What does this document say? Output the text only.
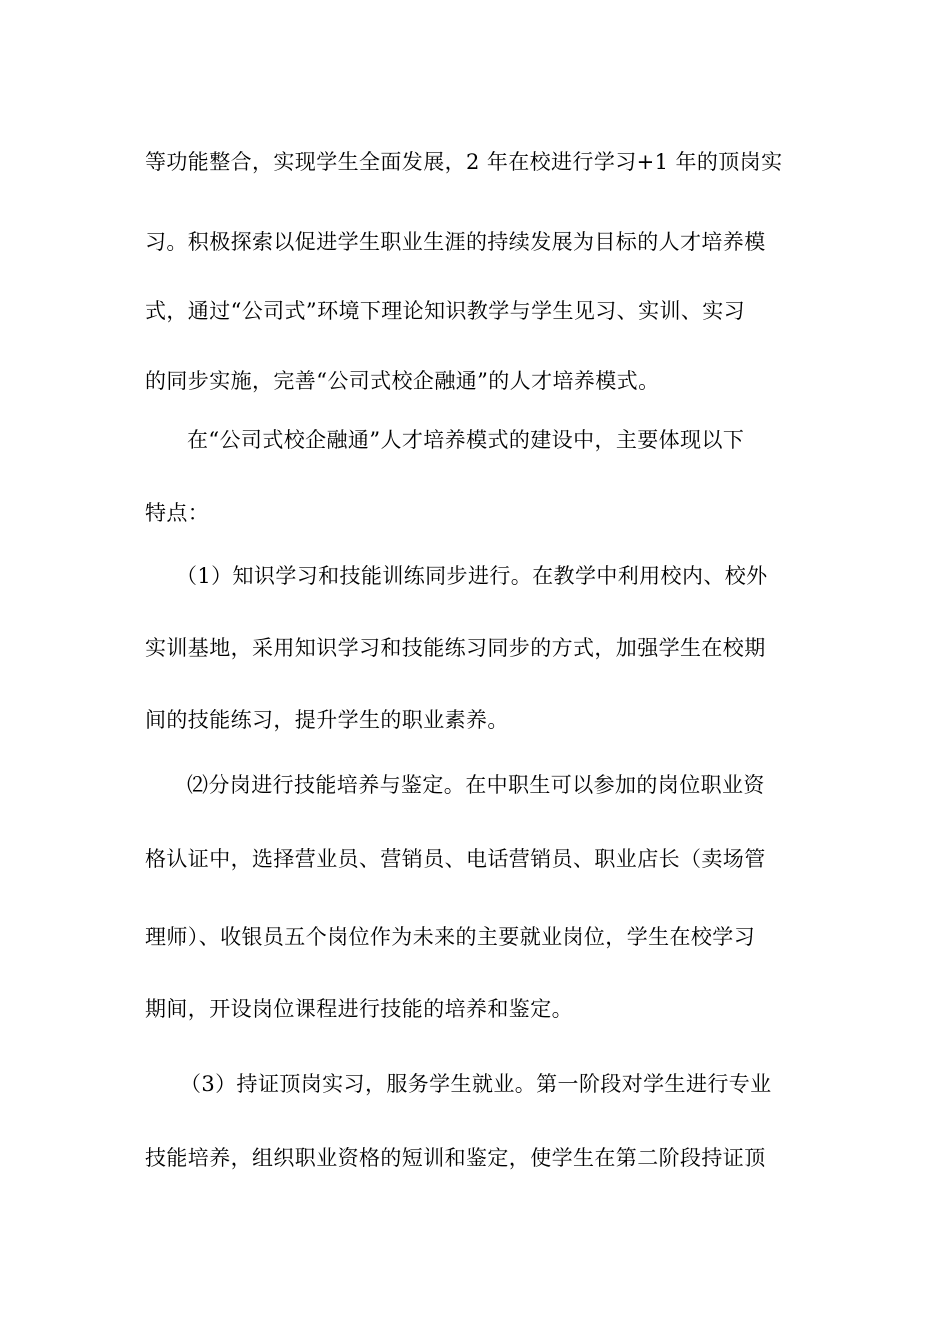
等功能整合，实现学生全面发展，2 年在校进行学习+1 年的顶岗实
习。积极探索以促进学生职业生涯的持续发展为目标的人才培养模
式，通过“公司式”环境下理论知识教学与学生见习、实训、实习
的同步实施，完善“公司式校企融通”的人才培养模式。
在“公司式校企融通”人才培养模式的建设中，主要体现以下
特点：
（1）知识学习和技能训练同步进行。在教学中利用校内、校外
实训基地，采用知识学习和技能练习同步的方式，加强学生在校期
间的技能练习，提升学生的职业素养。
⑵分岗进行技能培养与鉴定。在中职生可以参加的岗位职业资
格认证中，选择营业员、营销员、电话营销员、职业店长（卖场管
理师）、收银员五个岗位作为未来的主要就业岗位，学生在校学习
期间，开设岗位课程进行技能的培养和鉴定。
（3）持证顶岗实习，服务学生就业。第一阶段对学生进行专业
技能培养，组织职业资格的短训和鉴定，使学生在第二阶段持证顶
